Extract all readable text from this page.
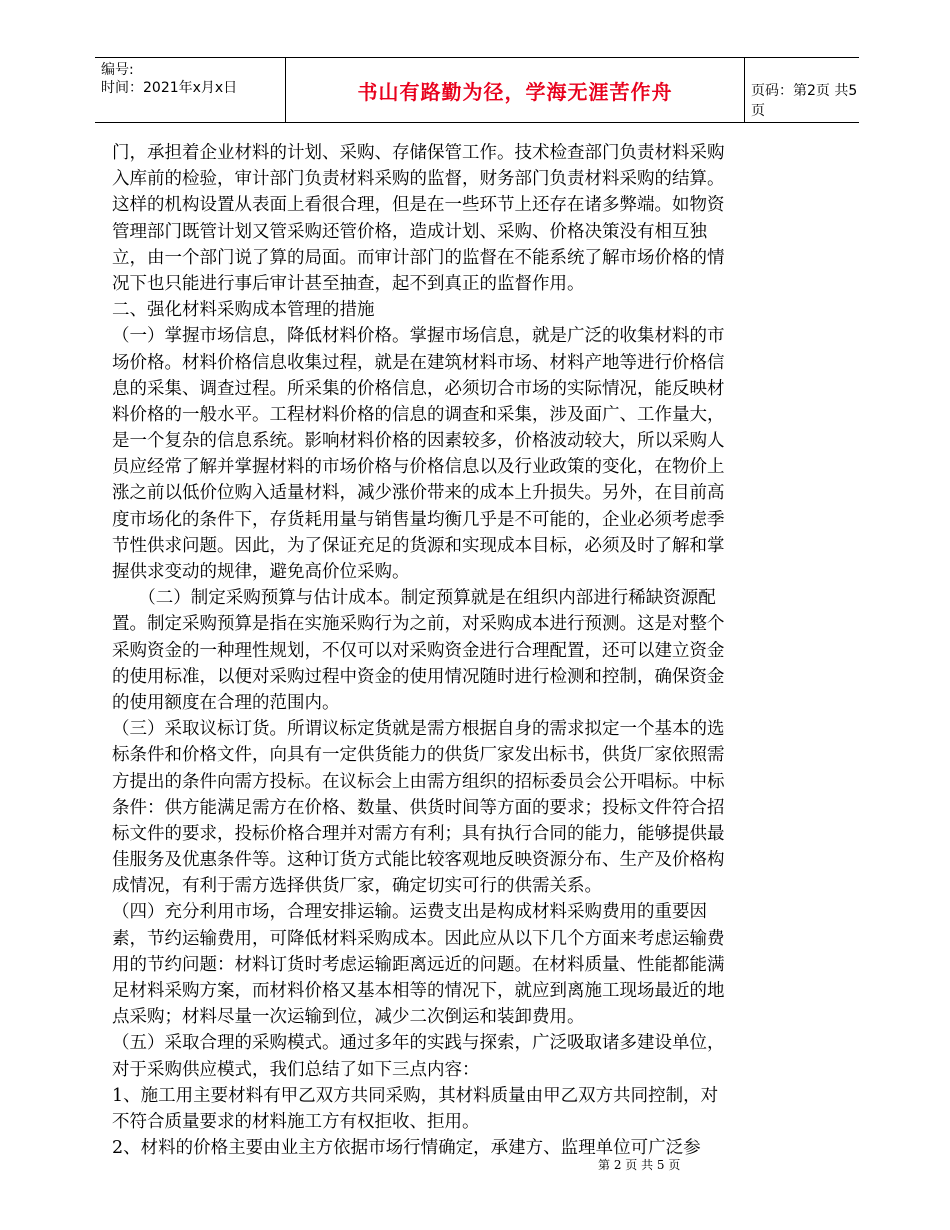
编号:
时间：2021年x月x日	书山有路勤为径，学海无涯苦作舟	页码：第2页 共5页
门，承担着企业材料的计划、采购、存储保管工作。技术检查部门负责材料采购
入库前的检验，审计部门负责材料采购的监督，财务部门负责材料采购的结算。
这样的机构设置从表面上看很合理，但是在一些环节上还存在诸多弊端。如物资
管理部门既管计划又管采购还管价格，造成计划、采购、价格决策没有相互独
立，由一个部门说了算的局面。而审计部门的监督在不能系统了解市场价格的情
况下也只能进行事后审计甚至抽查，起不到真正的监督作用。
二、强化材料采购成本管理的措施
（一）掌握市场信息，降低材料价格。掌握市场信息，就是广泛的收集材料的市
场价格。材料价格信息收集过程，就是在建筑材料市场、材料产地等进行价格信
息的采集、调查过程。所采集的价格信息，必须切合市场的实际情况，能反映材
料价格的一般水平。工程材料价格的信息的调查和采集，涉及面广、工作量大，
是一个复杂的信息系统。影响材料价格的因素较多，价格波动较大，所以采购人
员应经常了解并掌握材料的市场价格与价格信息以及行业政策的变化，在物价上
涨之前以低价位购入适量材料，减少涨价带来的成本上升损失。另外，在目前高
度市场化的条件下，存货耗用量与销售量均衡几乎是不可能的，企业必须考虑季
节性供求问题。因此，为了保证充足的货源和实现成本目标，必须及时了解和掌
握供求变动的规律，避免高价位采购。
　　（二）制定采购预算与估计成本。制定预算就是在组织内部进行稀缺资源配
置。制定采购预算是指在实施采购行为之前，对采购成本进行预测。这是对整个
采购资金的一种理性规划，不仅可以对采购资金进行合理配置，还可以建立资金
的使用标准，以便对采购过程中资金的使用情况随时进行检测和控制，确保资金
的使用额度在合理的范围内。
（三）采取议标订货。所谓议标定货就是需方根据自身的需求拟定一个基本的选
标条件和价格文件，向具有一定供货能力的供货厂家发出标书，供货厂家依照需
方提出的条件向需方投标。在议标会上由需方组织的招标委员会公开唱标。中标
条件：供方能满足需方在价格、数量、供货时间等方面的要求；投标文件符合招
标文件的要求，投标价格合理并对需方有利；具有执行合同的能力，能够提供最
佳服务及优惠条件等。这种订货方式能比较客观地反映资源分布、生产及价格构
成情况，有利于需方选择供货厂家，确定切实可行的供需关系。
（四）充分利用市场，合理安排运输。运费支出是构成材料采购费用的重要因
素，节约运输费用，可降低材料采购成本。因此应从以下几个方面来考虑运输费
用的节约问题：材料订货时考虑运输距离远近的问题。在材料质量、性能都能满
足材料采购方案，而材料价格又基本相等的情况下，就应到离施工现场最近的地
点采购；材料尽量一次运输到位，减少二次倒运和装卸费用。
（五）采取合理的采购模式。通过多年的实践与探索，广泛吸取诸多建设单位，
对于采购供应模式，我们总结了如下三点内容：
1、施工用主要材料有甲乙双方共同采购，其材料质量由甲乙双方共同控制，对
不符合质量要求的材料施工方有权拒收、拒用。
2、材料的价格主要由业主方依据市场行情确定，承建方、监理单位可广泛参
第 2 页 共 5 页
